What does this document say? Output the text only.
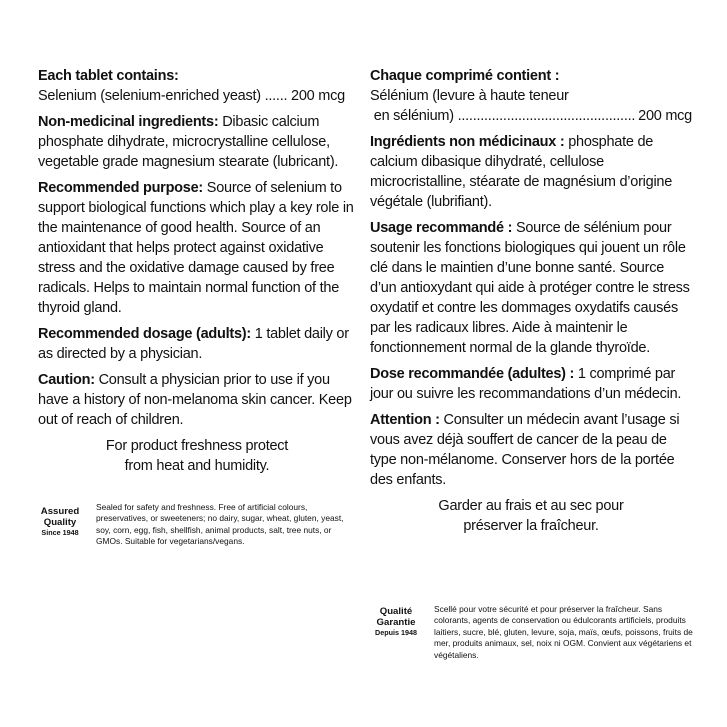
Each tablet contains:
Selenium (selenium-enriched yeast) ...... 200 mcg

Non-medicinal ingredients: Dibasic calcium phosphate dihydrate, microcrystalline cellulose, vegetable grade magnesium stearate (lubricant).

Recommended purpose: Source of selenium to support biological functions which play a key role in the maintenance of good health. Source of an antioxidant that helps protect against oxidative stress and the oxidative damage caused by free radicals. Helps to maintain normal function of the thyroid gland.

Recommended dosage (adults): 1 tablet daily or as directed by a physician.

Caution: Consult a physician prior to use if you have a history of non-melanoma skin cancer. Keep out of reach of children.

For product freshness protect
from heat and humidity.
Assured
Quality
Since 1948
Sealed for safety and freshness. Free of artificial colours, preservatives, or sweeteners; no dairy, sugar, wheat, gluten, yeast, soy, corn, egg, fish, shellfish, animal products, salt, tree nuts, or GMOs. Suitable for vegetarians/vegans.
Chaque comprimé contient :
Sélénium (levure à haute teneur
en sélénium) ............................................... 200 mcg

Ingrédients non médicinaux : phosphate de calcium dibasique dihydraté, cellulose microcristalline, stéarate de magnésium d’origine végétale (lubrifiant).

Usage recommandé : Source de sélénium pour soutenir les fonctions biologiques qui jouent un rôle clé dans le maintien d’une bonne santé. Source d’un antioxydant qui aide à protéger contre le stress oxydatif et contre les dommages oxydatifs causés par les radicaux libres. Aide à maintenir le fonctionnement normal de la glande thyroïde.

Dose recommandée (adultes) : 1 comprimé par jour ou suivre les recommandations d’un médecin.

Attention : Consulter un médecin avant l’usage si vous avez déjà souffert de cancer de la peau de type non-mélanome. Conserver hors de la portée des enfants.

Garder au frais et au sec pour
préserver la fraîcheur.
Qualité
Garantie
Depuis 1948
Scellé pour votre sécurité et pour préserver la fraîcheur. Sans colorants, agents de conservation ou édulcorants artificiels, produits laitiers, sucre, blé, gluten, levure, soja, maïs, œufs, poissons, fruits de mer, produits animaux, sel, noix ni OGM. Convient aux végétariens et végétaliens.
